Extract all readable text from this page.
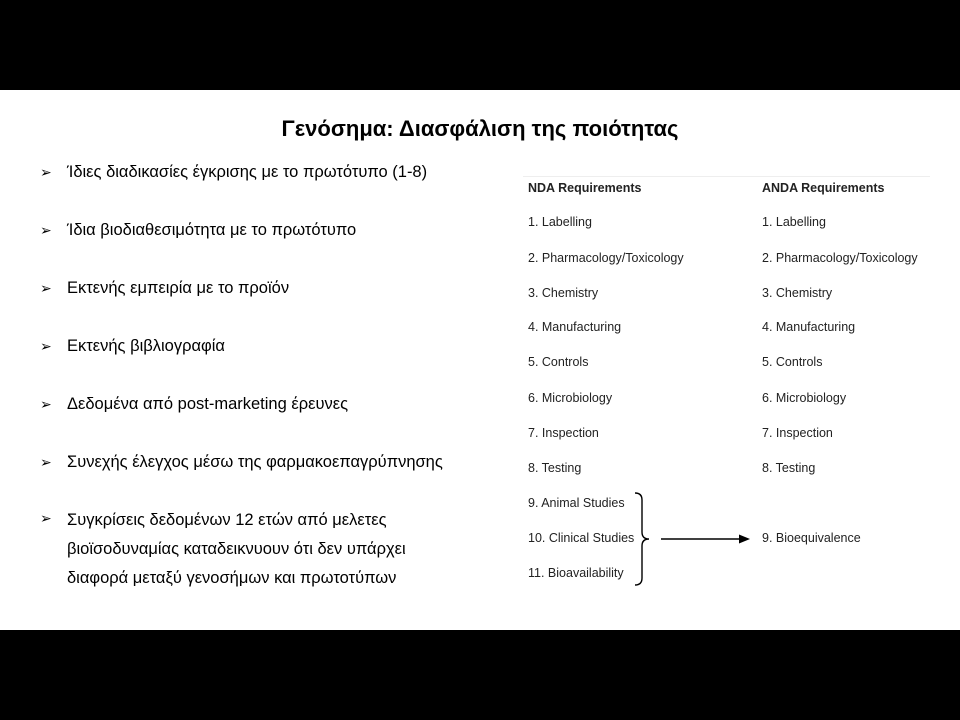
Γενόσημα: Διασφάλιση της ποιότητας
➢ Ίδιες διαδικασίες έγκρισης με το πρωτότυπο (1-8)
➢ Ίδια βιοδιαθεσιμότητα με το πρωτότυπο
➢ Εκτενής εμπειρία με το προϊόν
➢ Εκτενής βιβλιογραφία
➢ Δεδομένα από post-marketing έρευνες
➢ Συνεχής έλεγχος μέσω της φαρμακοεπαγρύπνησης
➢ Συγκρίσεις δεδομένων 12 ετών από μελετες βιοϊσοδυναμίας καταδεικνυουν ότι δεν υπάρχει διαφορά μεταξύ γενοσήμων και πρωτοτύπων
NDA Requirements	ANDA Requirements
1. Labelling
2. Pharmacology/Toxicology
3. Chemistry
4. Manufacturing
5. Controls
6. Microbiology
7. Inspection
8. Testing
9. Animal Studies
10. Clinical Studies
11. Bioavailability
1. Labelling
2. Pharmacology/Toxicology
3. Chemistry
4. Manufacturing
5. Controls
6. Microbiology
7. Inspection
8. Testing
9. Bioequivalence
